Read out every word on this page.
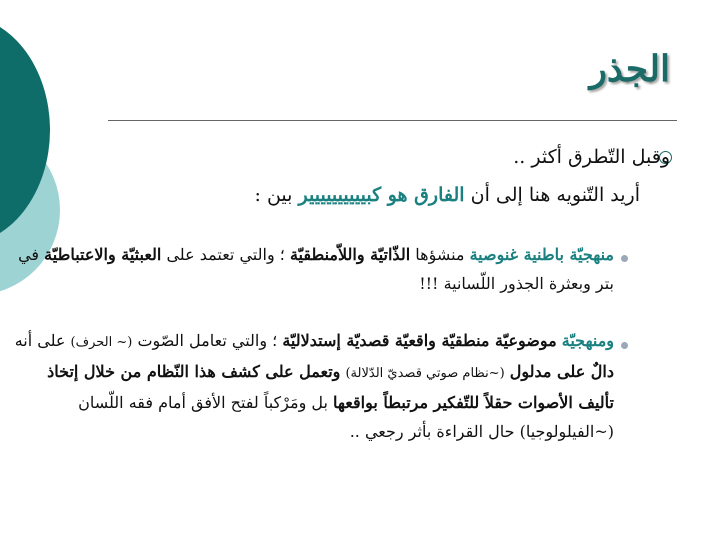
الجذر
وقبل التّطرق أكثر ..
أريد التّنويه هنا إلى أن الفارق هو كبيييييييييير بين :
منهجيّة باطنية غنوصية منشؤها الذّاتيّة واللاّمنطقيّة ؛ والتي تعتمد على العبثيّة والاعتباطيّة في بتر وبعثرة الجذور اللّسانية !!!
ومنهجيّة موضوعيّة منطقيّة واقعيّة قصديّة إستدلاليّة ؛ والتي تعامل الصّوت (~ الحرف) على أنه دالٌ على مدلول (~نظام صوتي قصديّ الدّلالة) وتعمل على كشف هذا النّظام من خلال إتخاذ تأليف الأصوات حقلاً للتّفكير مرتبطاً بواقعها بل ومَرْكباً لفتح الأفق أمام فقه اللّسان (~الفيلولوجيا) حال القراءة بأثر رجعي ..
